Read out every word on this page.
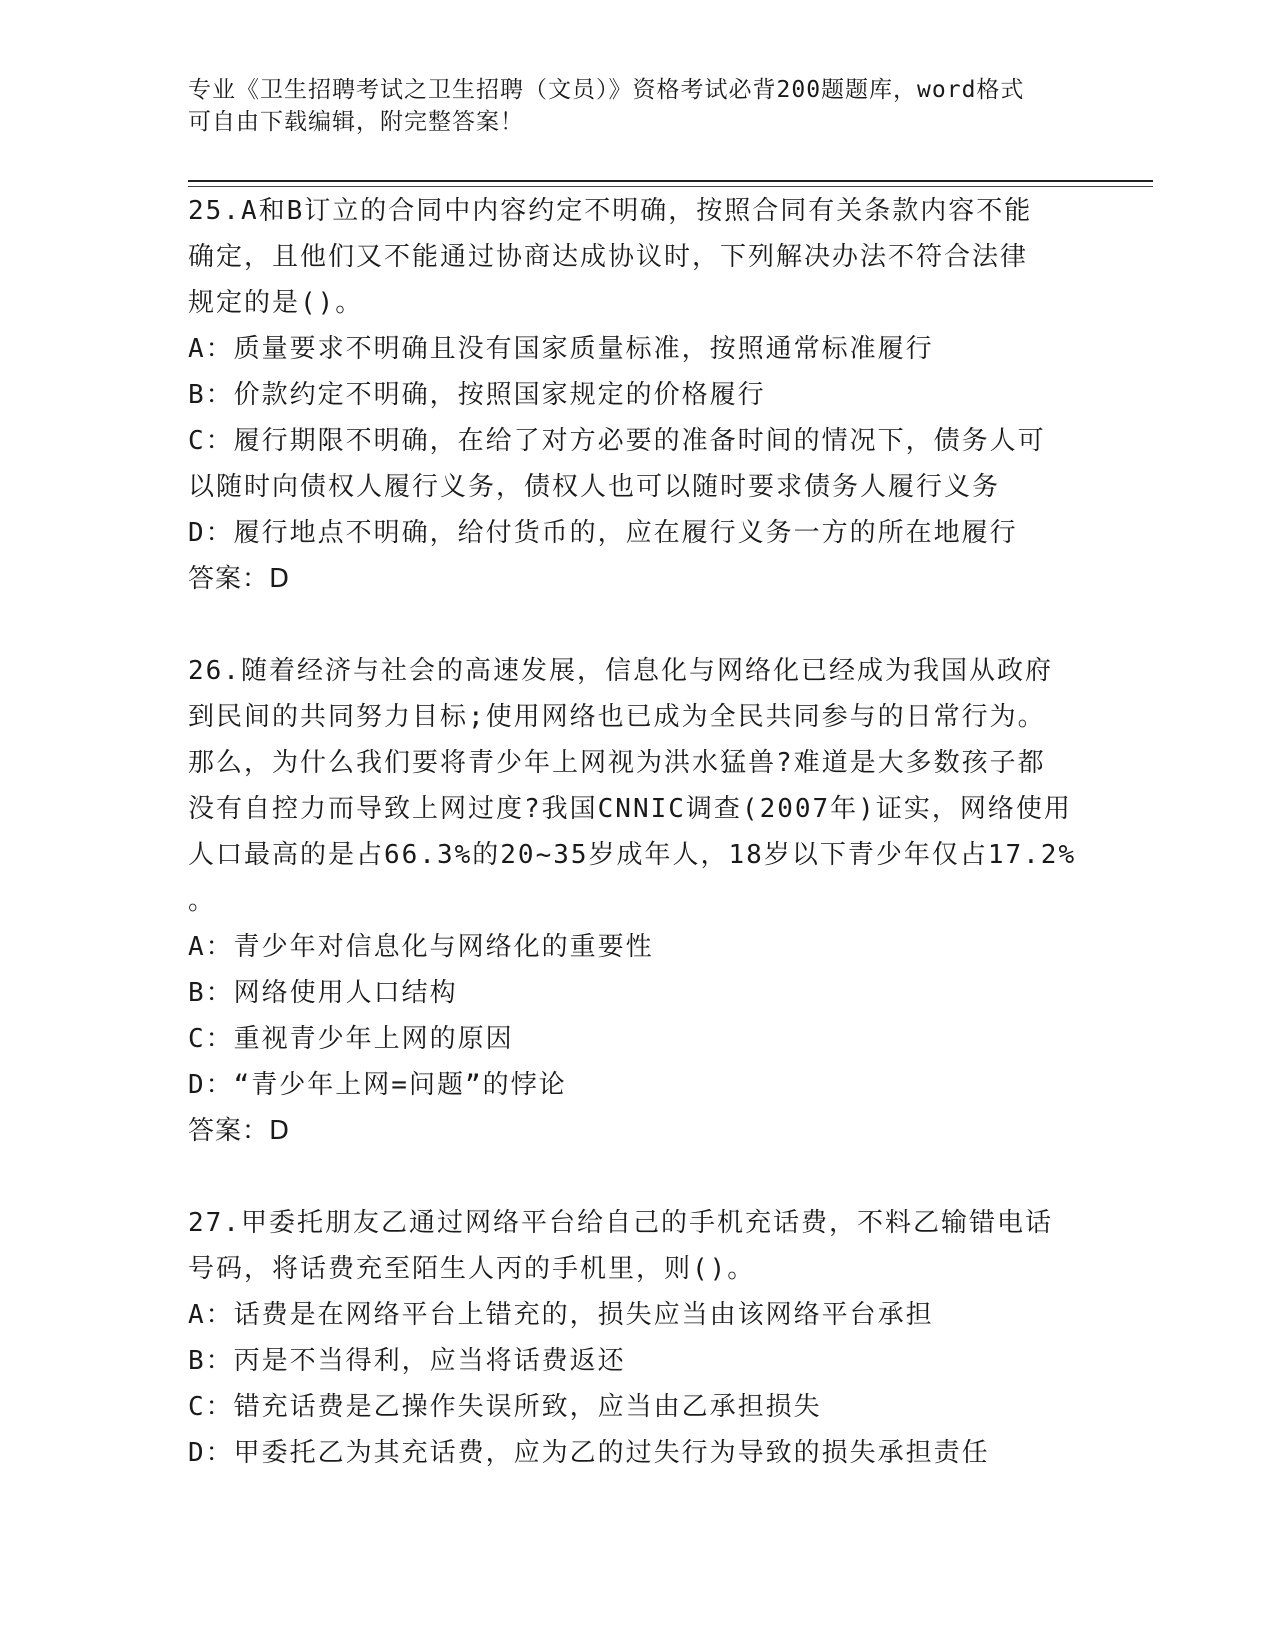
专业《卫生招聘考试之卫生招聘（文员）》资格考试必背200题题库，word格式
可自由下载编辑，附完整答案！

25.A和B订立的合同中内容约定不明确，按照合同有关条款内容不能
确定，且他们又不能通过协商达成协议时，下列解决办法不符合法律
规定的是()。

A：质量要求不明确且没有国家质量标准，按照通常标准履行

B：价款约定不明确，按照国家规定的价格履行

C：履行期限不明确，在给了对方必要的准备时间的情况下，债务人可
以随时向债权人履行义务，债权人也可以随时要求债务人履行义务

D：履行地点不明确，给付货币的，应在履行义务一方的所在地履行

答案：D

26.随着经济与社会的高速发展，信息化与网络化已经成为我国从政府
到民间的共同努力目标;使用网络也已成为全民共同参与的日常行为。
那么，为什么我们要将青少年上网视为洪水猛兽?难道是大多数孩子都
没有自控力而导致上网过度?我国CNNIC调查(2007年)证实，网络使用
人口最高的是占66.3%的20~35岁成年人，18岁以下青少年仅占17.2%
。

A：青少年对信息化与网络化的重要性

B：网络使用人口结构

C：重视青少年上网的原因

D：“青少年上网=问题”的悖论

答案：D

27.甲委托朋友乙通过网络平台给自己的手机充话费，不料乙输错电话
号码，将话费充至陌生人丙的手机里，则()。

A：话费是在网络平台上错充的，损失应当由该网络平台承担

B：丙是不当得利，应当将话费返还

C：错充话费是乙操作失误所致，应当由乙承担损失

D：甲委托乙为其充话费，应为乙的过失行为导致的损失承担责任
